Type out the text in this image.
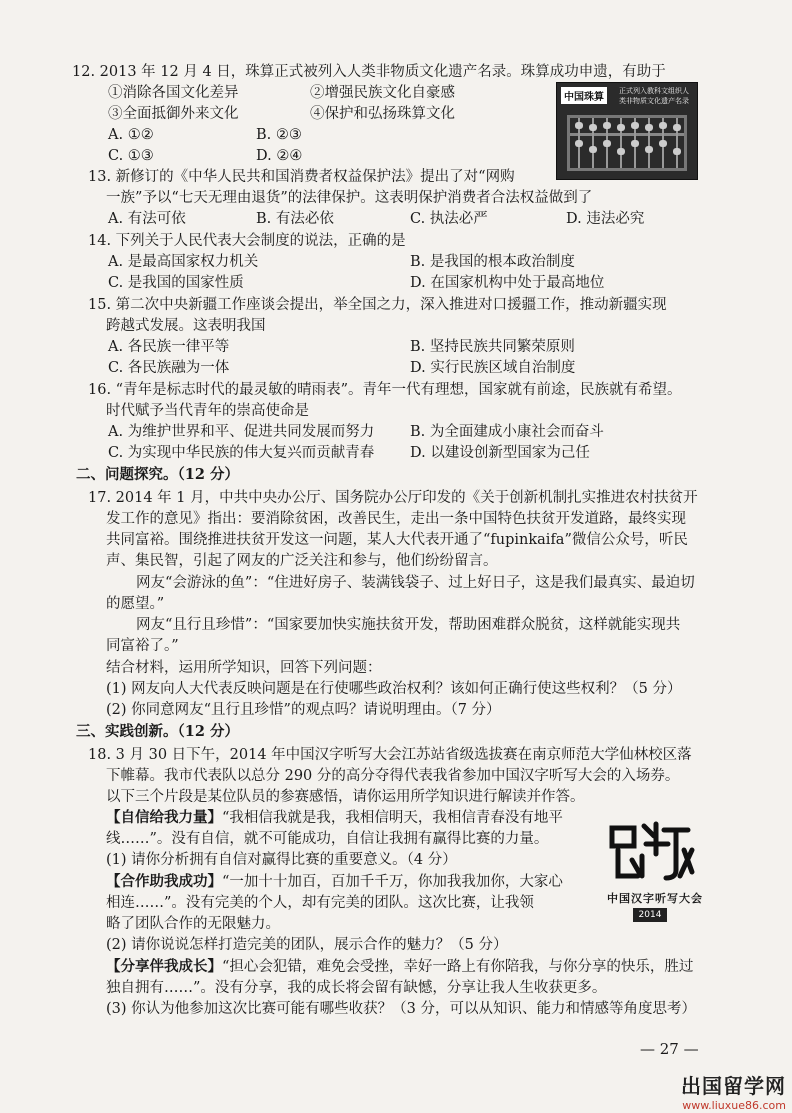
12. 2013 年 12 月 4 日，珠算正式被列入人类非物质文化遗产名录。珠算成功申遗，有助于
①消除各国文化差异	②增强民族文化自豪感
③全面抵御外来文化	④保护和弘扬珠算文化
A. ①②	B. ②③
C. ①③	D. ②④
中国珠算
正式列入教科文组织人类非物质文化遗产名录
13. 新修订的《中华人民共和国消费者权益保护法》提出了对“网购
一族”予以“七天无理由退货”的法律保护。这表明保护消费者合法权益做到了
A. 有法可依	B. 有法必依	C. 执法必严	D. 违法必究
14. 下列关于人民代表大会制度的说法，正确的是
A. 是最高国家权力机关	B. 是我国的根本政治制度
C. 是我国的国家性质	D. 在国家机构中处于最高地位
15. 第二次中央新疆工作座谈会提出，举全国之力，深入推进对口援疆工作，推动新疆实现
跨越式发展。这表明我国
A. 各民族一律平等	B. 坚持民族共同繁荣原则
C. 各民族融为一体	D. 实行民族区域自治制度
16. “青年是标志时代的最灵敏的晴雨表”。青年一代有理想，国家就有前途，民族就有希望。
时代赋予当代青年的崇高使命是
A. 为维护世界和平、促进共同发展而努力 B. 为全面建成小康社会而奋斗
C. 为实现中华民族的伟大复兴而贡献青春 D. 以建设创新型国家为己任
二、问题探究。（12 分）
17. 2014 年 1 月，中共中央办公厅、国务院办公厅印发的《关于创新机制扎实推进农村扶贫开
发工作的意见》指出：要消除贫困，改善民生，走出一条中国特色扶贫开发道路，最终实现
共同富裕。围绕推进扶贫开发这一问题，某人大代表开通了“fupinkaifa”微信公众号，听民
声、集民智，引起了网友的广泛关注和参与，他们纷纷留言。
网友“会游泳的鱼”：“住进好房子、装满钱袋子、过上好日子，这是我们最真实、最迫切
的愿望。”
网友“且行且珍惜”：“国家要加快实施扶贫开发，帮助困难群众脱贫，这样就能实现共
同富裕了。”
结合材料，运用所学知识，回答下列问题：
(1) 网友向人大代表反映问题是在行使哪些政治权利？该如何正确行使这些权利？（5 分）
(2) 你同意网友“且行且珍惜”的观点吗？请说明理由。（7 分）
三、实践创新。（12 分）
18. 3 月 30 日下午，2014 年中国汉字听写大会江苏站省级选拔赛在南京师范大学仙林校区落
下帷幕。我市代表队以总分 290 分的高分夺得代表我省参加中国汉字听写大会的入场券。
以下三个片段是某位队员的参赛感悟，请你运用所学知识进行解读并作答。
【自信给我力量】“我相信我就是我，我相信明天，我相信青春没有地平
线……”。没有自信，就不可能成功，自信让我拥有赢得比赛的力量。
(1) 请你分析拥有自信对赢得比赛的重要意义。（4 分）
【合作助我成功】“一加十十加百，百加千千万，你加我我加你，大家心
相连……”。没有完美的个人，却有完美的团队。这次比赛，让我领
略了团队合作的无限魅力。
(2) 请你说说怎样打造完美的团队，展示合作的魅力？（5 分）
【分享伴我成长】“担心会犯错，难免会受挫，幸好一路上有你陪我，与你分享的快乐，胜过
独自拥有……”。没有分享，我的成长将会留有缺憾，分享让我人生收获更多。
(3) 你认为他参加这次比赛可能有哪些收获？（3 分，可以从知识、能力和情感等角度思考）
中国汉字听写大会
2014
— 27 —
出国留学网
www.liuxue86.com
